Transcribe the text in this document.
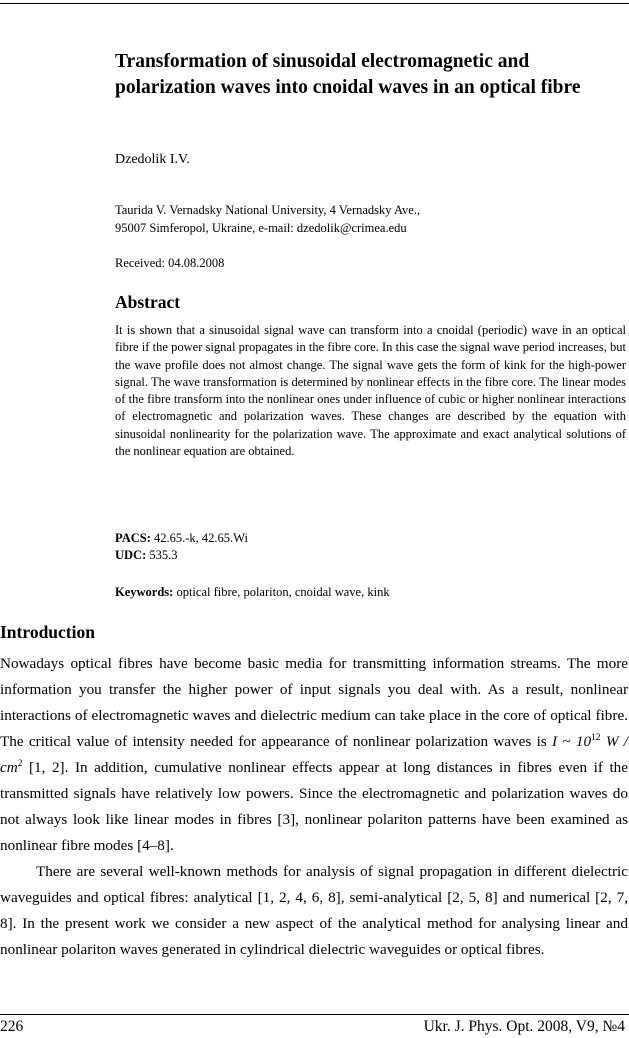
Transformation of sinusoidal electromagnetic and polarization waves into cnoidal waves in an optical fibre
Dzedolik I.V.
Taurida V. Vernadsky National University, 4 Vernadsky Ave.,
95007 Simferopol, Ukraine, e-mail: dzedolik@crimea.edu
Received: 04.08.2008
Abstract

It is shown that a sinusoidal signal wave can transform into a cnoidal (periodic) wave in an optical fibre if the power signal propagates in the fibre core. In this case the signal wave period increases, but the wave profile does not almost change. The signal wave gets the form of kink for the high-power signal. The wave transformation is determined by nonlinear effects in the fibre core. The linear modes of the fibre transform into the nonlinear ones under influence of cubic or higher nonlinear interactions of electromagnetic and polarization waves. These changes are described by the equation with sinusoidal nonlinearity for the polarization wave. The approximate and exact analytical solutions of the nonlinear equation are obtained.

PACS: 42.65.-k, 42.65.Wi
UDC: 535.3
Keywords: optical fibre, polariton, cnoidal wave, kink
Introduction

Nowadays optical fibres have become basic media for transmitting information streams. The more information you transfer the higher power of input signals you deal with. As a result, nonlinear interactions of electromagnetic waves and dielectric medium can take place in the core of optical fibre. The critical value of intensity needed for appearance of nonlinear polarization waves is I ~ $10^{12}$ W / $cm^2$ [1, 2]. In addition, cumulative nonlinear effects appear at long distances in fibres even if the transmitted signals have relatively low powers. Since the electromagnetic and polarization waves do not always look like linear modes in fibres [3], nonlinear polariton patterns have been examined as nonlinear fibre modes [4–8].

There are several well-known methods for analysis of signal propagation in different dielectric waveguides and optical fibres: analytical [1, 2, 4, 6, 8], semi-analytical [2, 5, 8] and numerical [2, 7, 8]. In the present work we consider a new aspect of the analytical method for analysing linear and nonlinear polariton waves generated in cylindrical dielectric waveguides or optical fibres.

226	Ukr. J. Phys. Opt. 2008, V9, №4
